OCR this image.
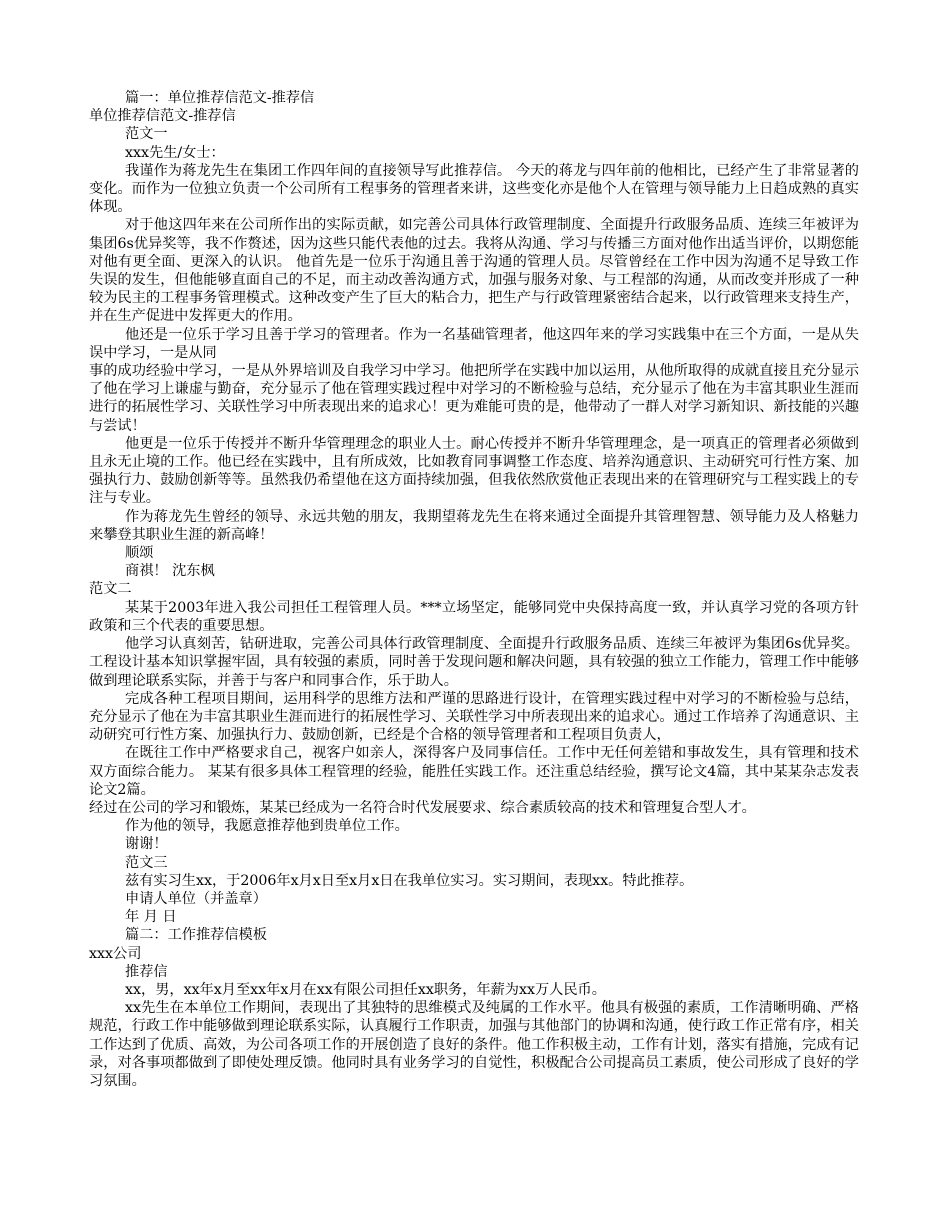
篇一：单位推荐信范文-推荐信

单位推荐信范文-推荐信

范文一

xxx先生/女士：

我谨作为蒋龙先生在集团工作四年间的直接领导写此推荐信。 今天的蒋龙与四年前的他相比，已经产生了非常显著的变化。而作为一位独立负责一个公司所有工程事务的管理者来讲，这些变化亦是他个人在管理与领导能力上日趋成熟的真实体现。

对于他这四年来在公司所作出的实际贡献，如完善公司具体行政管理制度、全面提升行政服务品质、连续三年被评为集团6s优异奖等，我不作赘述，因为这些只能代表他的过去。我将从沟通、学习与传播三方面对他作出适当评价，以期您能对他有更全面、更深入的认识。 他首先是一位乐于沟通且善于沟通的管理人员。尽管曾经在工作中因为沟通不足导致工作失误的发生，但他能够直面自己的不足，而主动改善沟通方式，加强与服务对象、与工程部的沟通，从而改变并形成了一种较为民主的工程事务管理模式。这种改变产生了巨大的粘合力，把生产与行政管理紧密结合起来，以行政管理来支持生产，并在生产促进中发挥更大的作用。

他还是一位乐于学习且善于学习的管理者。作为一名基础管理者，他这四年来的学习实践集中在三个方面，一是从失误中学习，一是从同

事的成功经验中学习，一是从外界培训及自我学习中学习。他把所学在实践中加以运用，从他所取得的成就直接且充分显示了他在学习上谦虚与勤奋，充分显示了他在管理实践过程中对学习的不断检验与总结，充分显示了他在为丰富其职业生涯而进行的拓展性学习、关联性学习中所表现出来的追求心！更为难能可贵的是，他带动了一群人对学习新知识、新技能的兴趣与尝试！

他更是一位乐于传授并不断升华管理理念的职业人士。耐心传授并不断升华管理理念，是一项真正的管理者必须做到且永无止境的工作。他已经在实践中，且有所成效，比如教育同事调整工作态度、培养沟通意识、主动研究可行性方案、加强执行力、鼓励创新等等。虽然我仍希望他在这方面持续加强，但我依然欣赏他正表现出来的在管理研究与工程实践上的专注与专业。

作为蒋龙先生曾经的领导、永远共勉的朋友，我期望蒋龙先生在将来通过全面提升其管理智慧、领导能力及人格魅力来攀登其职业生涯的新高峰！

顺颂

商祺！ 沈东枫

范文二

某某于2003年进入我公司担任工程管理人员。***立场坚定，能够同党中央保持高度一致，并认真学习党的各项方针政策和三个代表的重要思想。

他学习认真刻苦，钻研进取，完善公司具体行政管理制度、全面提升行政服务品质、连续三年被评为集团6s优异奖。工程设计基本知识掌握牢固，具有较强的素质，同时善于发现问题和解决问题，具有较强的独立工作能力，管理工作中能够做到理论联系实际，并善于与客户和同事合作，乐于助人。

完成各种工程项目期间，运用科学的思维方法和严谨的思路进行设计，在管理实践过程中对学习的不断检验与总结，充分显示了他在为丰富其职业生涯而进行的拓展性学习、关联性学习中所表现出来的追求心。通过工作培养了沟通意识、主动研究可行性方案、加强执行力、鼓励创新，已经是个合格的领导管理者和工程项目负责人，

在既往工作中严格要求自己，视客户如亲人，深得客户及同事信任。工作中无任何差错和事故发生，具有管理和技术双方面综合能力。 某某有很多具体工程管理的经验，能胜任实践工作。还注重总结经验，撰写论文4篇，其中某某杂志发表论文2篇。

经过在公司的学习和锻炼，某某已经成为一名符合时代发展要求、综合素质较高的技术和管理复合型人才。

作为他的领导，我愿意推荐他到贵单位工作。

谢谢！

范文三

兹有实习生xx，于2006年x月x日至x月x日在我单位实习。实习期间，表现xx。特此推荐。

申请人单位（并盖章）

年 月 日

篇二：工作推荐信模板

xxx公司

推荐信

xx，男，xx年x月至xx年x月在xx有限公司担任xx职务，年薪为xx万人民币。

xx先生在本单位工作期间，表现出了其独特的思维模式及纯属的工作水平。他具有极强的素质，工作清晰明确、严格规范，行政工作中能够做到理论联系实际，认真履行工作职责，加强与其他部门的协调和沟通，使行政工作正常有序，相关工作达到了优质、高效，为公司各项工作的开展创造了良好的条件。他工作积极主动，工作有计划，落实有措施，完成有记录，对各事项都做到了即使处理反馈。他同时具有业务学习的自觉性，积极配合公司提高员工素质，使公司形成了良好的学习氛围。
